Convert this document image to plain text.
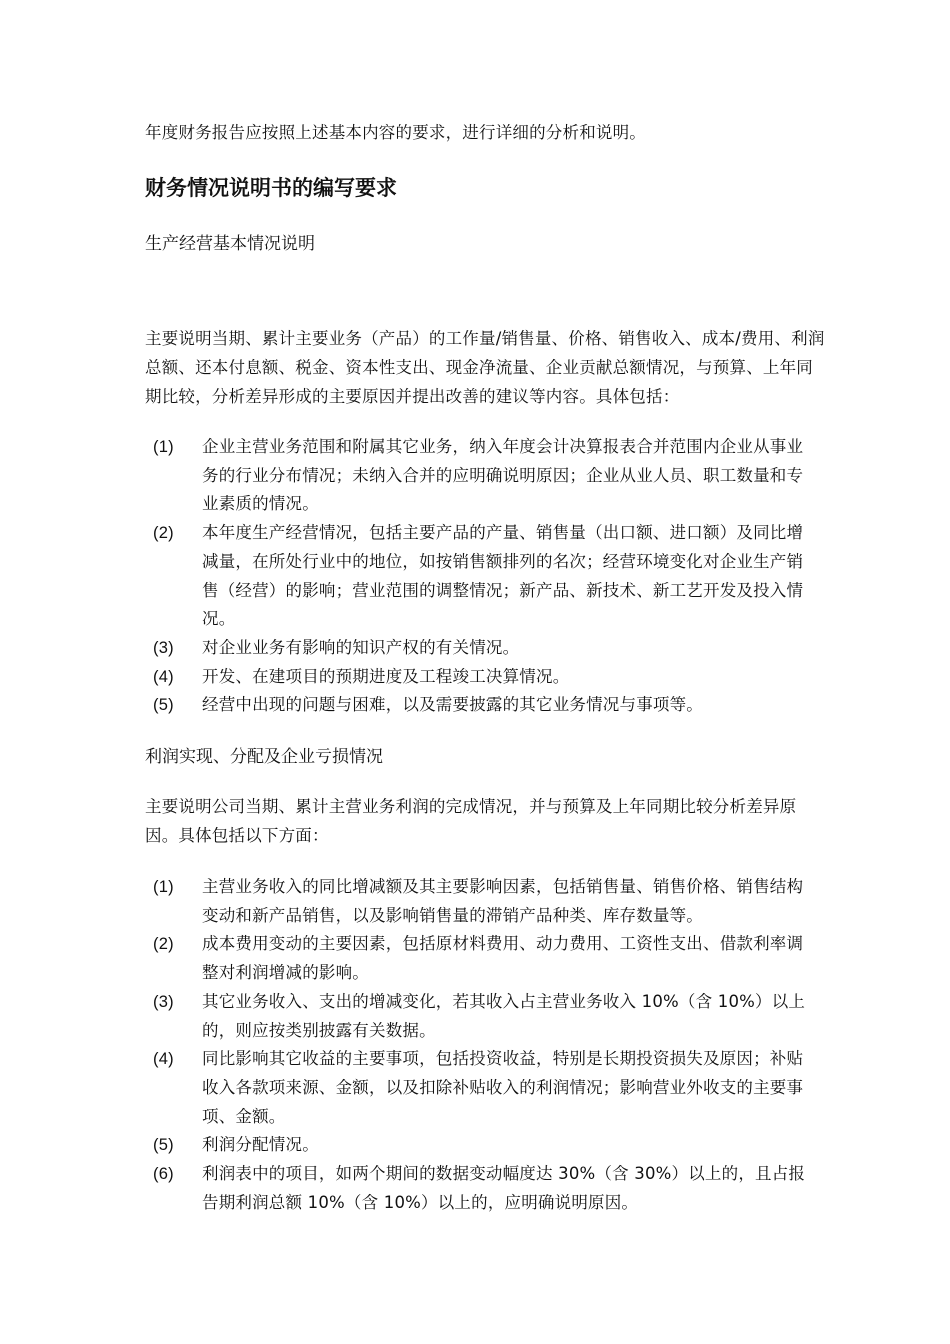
年度财务报告应按照上述基本内容的要求，进行详细的分析和说明。
财务情况说明书的编写要求
生产经营基本情况说明
主要说明当期、累计主要业务（产品）的工作量/销售量、价格、销售收入、成本/费用、利润总额、还本付息额、税金、资本性支出、现金净流量、企业贡献总额情况，与预算、上年同期比较，分析差异形成的主要原因并提出改善的建议等内容。具体包括：
(1) 企业主营业务范围和附属其它业务，纳入年度会计决算报表合并范围内企业从事业务的行业分布情况；未纳入合并的应明确说明原因；企业从业人员、职工数量和专业素质的情况。
(2) 本年度生产经营情况，包括主要产品的产量、销售量（出口额、进口额）及同比增减量，在所处行业中的地位，如按销售额排列的名次；经营环境变化对企业生产销售（经营）的影响；营业范围的调整情况；新产品、新技术、新工艺开发及投入情况。
(3) 对企业业务有影响的知识产权的有关情况。
(4) 开发、在建项目的预期进度及工程竣工决算情况。
(5) 经营中出现的问题与困难，以及需要披露的其它业务情况与事项等。
利润实现、分配及企业亏损情况
主要说明公司当期、累计主营业务利润的完成情况，并与预算及上年同期比较分析差异原因。具体包括以下方面：
(1) 主营业务收入的同比增减额及其主要影响因素，包括销售量、销售价格、销售结构变动和新产品销售，以及影响销售量的滞销产品种类、库存数量等。
(2) 成本费用变动的主要因素，包括原材料费用、动力费用、工资性支出、借款利率调整对利润增减的影响。
(3) 其它业务收入、支出的增减变化，若其收入占主营业务收入 10%（含 10%）以上的，则应按类别披露有关数据。
(4) 同比影响其它收益的主要事项，包括投资收益，特别是长期投资损失及原因；补贴收入各款项来源、金额，以及扣除补贴收入的利润情况；影响营业外收支的主要事项、金额。
(5) 利润分配情况。
(6) 利润表中的项目，如两个期间的数据变动幅度达 30%（含 30%）以上的，且占报告期利润总额 10%（含 10%）以上的，应明确说明原因。
